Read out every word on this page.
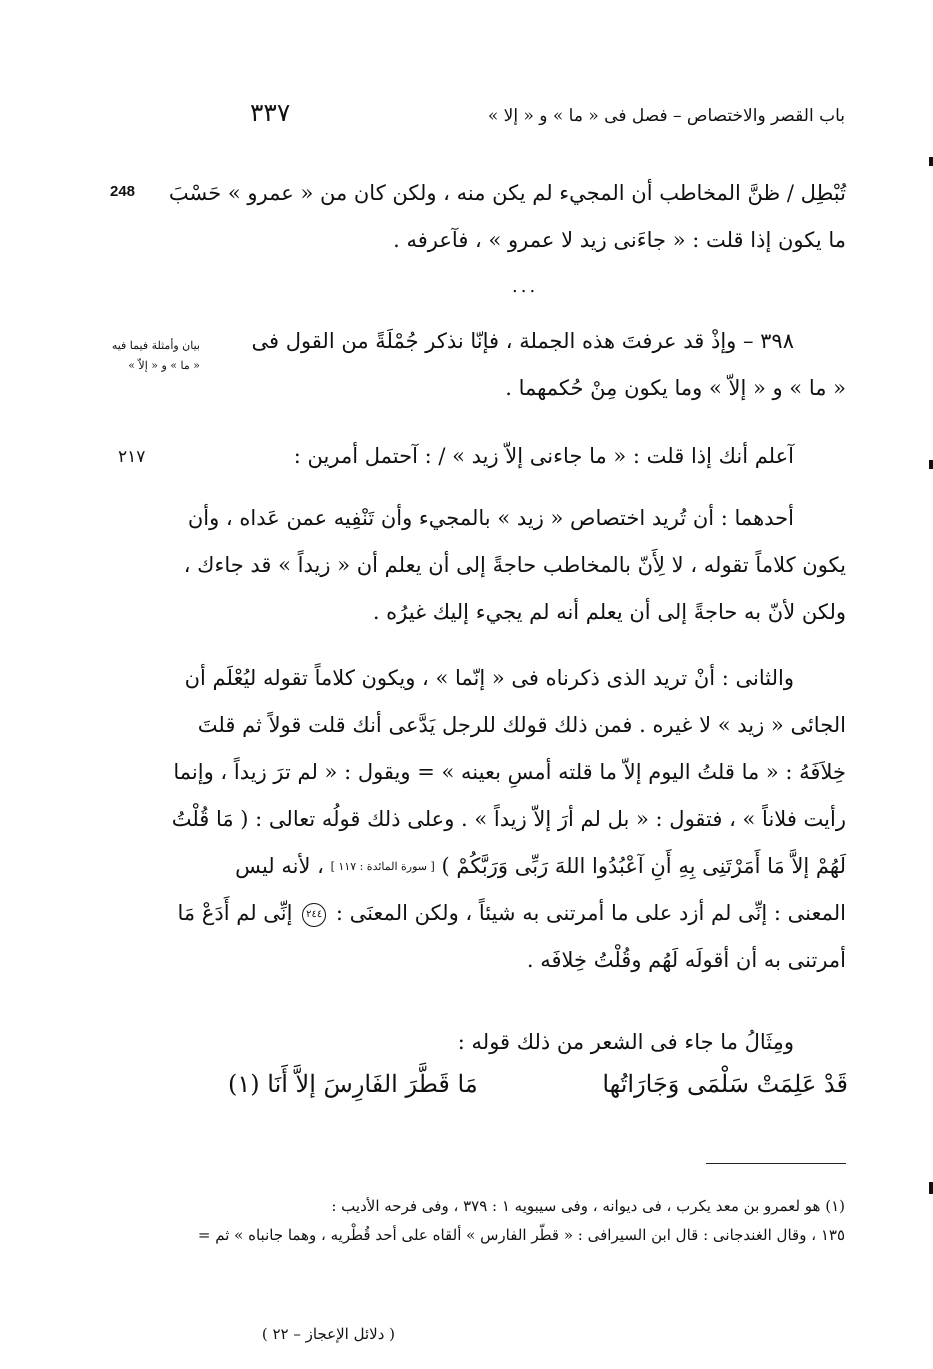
٣٣٧	باب القصر والاختصاص – فصل فى « ما » و « إلا »
248
٢١٧
بيان وأمثلة فيما فيه
« ما » و « إلاّ »
تُبْطِل / ظنَّ المخاطب أن المجيء لم يكن منه ، ولكن كان من « عمرو » حَسْبَ
ما يكون إذا قلت : « جاءَنى زيد لا عمرو » ، فآعرفه .
...
٣٩٨ – وإذْ قد عرفتَ هذه الجملة ، فإنّا نذكر جُمْلَةً من القول فى
« ما » و « إلاّ » وما يكون مِنْ حُكمهما .
آعلم أنك إذا قلت : « ما جاءنى إلاّ زيد » / : آحتمل أمرين :
أحدهما : أن تُريد اختصاص « زيد » بالمجيء وأن تَنْفِيه عمن عَداه ، وأن
يكون كلاماً تقوله ، لا لِأَنّ بالمخاطب حاجةً إلى أن يعلم أن « زيداً » قد جاءك ،
ولكن لأنّ به حاجةً إلى أن يعلم أنه لم يجيء إليك غيرُه .
والثانى : أنْ تريد الذى ذكرناه فى « إنّما » ، ويكون كلاماً تقوله ليُعْلَم أن
الجائى « زيد » لا غيره . فمن ذلك قولك للرجل يَدَّعى أنك قلت قولاً ثم قلتَ
خِلاَفَهُ : « ما قلتُ اليوم إلاّ ما قلته أمسِ بعينه » = ويقول : « لم ترَ زيداً ، وإنما
رأيت فلاناً » ، فتقول : « بل لم أرَ إلاّ زيداً » . وعلى ذلك قولُه تعالى : ( مَا قُلْتُ
لَهُمْ إلاَّ مَا أَمَرْتَنِى بِهِ أَنِ آعْبُدُوا اللهَ رَبِّى وَرَبَّكُمْ ) [ سورة المائدة : ١١٧ ] ، لأنه ليس
المعنى : إنِّى لم أزد على ما أمرتنى به شيئاً ، ولكن المعنَى : ٢٤٤ إنِّى لم أَدَعْ مَا
أمرتنى به أن أقولَه لَهُم وقُلْتُ خِلافَه .
ومِثَالُ ما جاء فى الشعر من ذلك قوله :
قَدْ عَلِمَتْ سَلْمَى وَجَارَاتُها
مَا قَطَّرَ الفَارِسَ إلاَّ أَنَا (١)
(١) هو لعمرو بن معد يكرب ، فى ديوانه ، وفى سيبويه ١ : ٣٧٩ ، وفى فرحه الأديب :
١٣٥ ، وقال الغندجانى : قال ابن السيرافى : « قطّر الفارس » ألقاه على أحد قُطْريه ، وهما جانباه » ثم =
( دلائل الإعجاز – ٢٢ )
